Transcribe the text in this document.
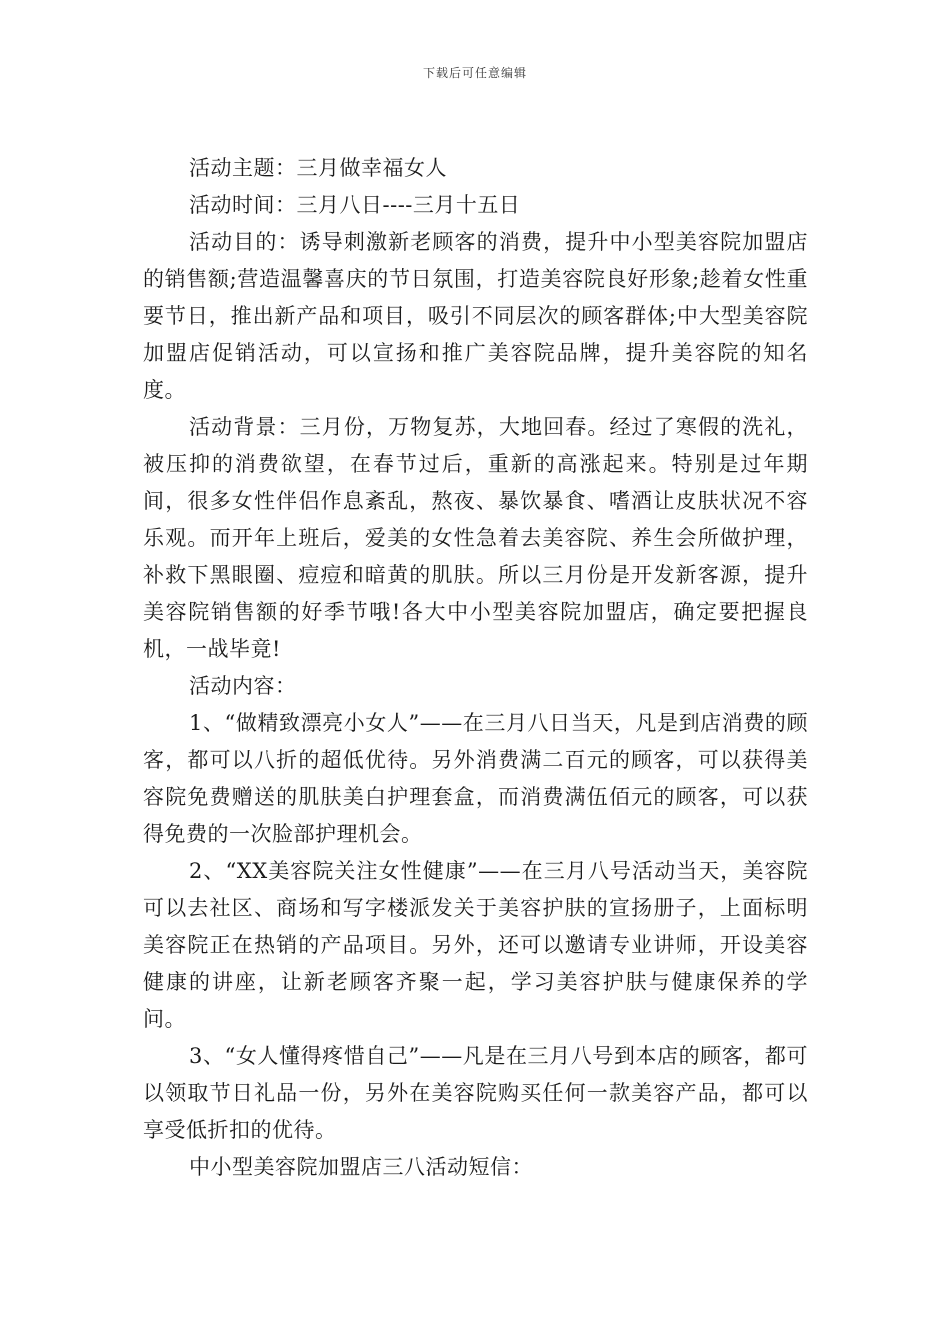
下载后可任意编辑

活动主题：三月做幸福女人

活动时间：三月八日----三月十五日

活动目的：诱导刺激新老顾客的消费，提升中小型美容院加盟店的销售额;营造温馨喜庆的节日氛围，打造美容院良好形象;趁着女性重要节日，推出新产品和项目，吸引不同层次的顾客群体;中大型美容院加盟店促销活动，可以宣扬和推广美容院品牌，提升美容院的知名度。

活动背景：三月份，万物复苏，大地回春。经过了寒假的洗礼，被压抑的消费欲望，在春节过后，重新的高涨起来。特别是过年期间，很多女性伴侣作息紊乱，熬夜、暴饮暴食、嗜酒让皮肤状况不容乐观。而开年上班后，爱美的女性急着去美容院、养生会所做护理，补救下黑眼圈、痘痘和暗黄的肌肤。所以三月份是开发新客源，提升美容院销售额的好季节哦!各大中小型美容院加盟店，确定要把握良机，一战毕竟!

活动内容：

1、“做精致漂亮小女人”——在三月八日当天，凡是到店消费的顾客，都可以八折的超低优待。另外消费满二百元的顾客，可以获得美容院免费赠送的肌肤美白护理套盒，而消费满伍佰元的顾客，可以获得免费的一次脸部护理机会。

2、“XX美容院关注女性健康”——在三月八号活动当天，美容院可以去社区、商场和写字楼派发关于美容护肤的宣扬册子，上面标明美容院正在热销的产品项目。另外，还可以邀请专业讲师，开设美容健康的讲座，让新老顾客齐聚一起，学习美容护肤与健康保养的学问。

3、“女人懂得疼惜自己”——凡是在三月八号到本店的顾客，都可以领取节日礼品一份，另外在美容院购买任何一款美容产品，都可以享受低折扣的优待。

中小型美容院加盟店三八活动短信：
